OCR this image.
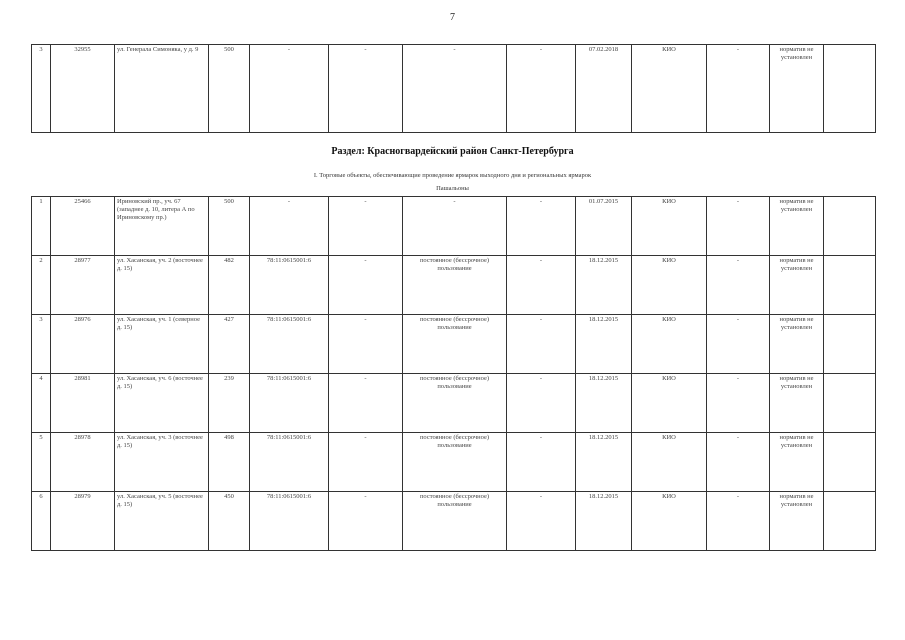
7
3	32955	ул. Генерала Симоняка, у д. 9	500	-	-	-	-	07.02.2018	КИО	-	норматив не установлен	
Раздел: Красногвардейский район Санкт-Петербурга
I. Торговые объекты, обеспечивающие проведение ярмарок выходного дня и региональных ярмарок
Пашальоны
1	25466	Ириновский пр., уч. 67 (западнее д. 10, литера А по Ириновскому пр.)	500	-	-	-	-	01.07.2015	КИО	-	норматив не установлен	
2	28977	ул. Хасанская, уч. 2 (восточнее д. 15)	482	78:11:0615001:6	-	постоянное (бессрочное) пользование	-	18.12.2015	КИО	-	норматив не установлен	
3	28976	ул. Хасанская, уч. 1 (северное д. 15)	427	78:11:0615001:6	-	постоянное (бессрочное) пользование	-	18.12.2015	КИО	-	норматив не установлен	
4	28981	ул. Хасанская, уч. 6 (восточнее д. 15)	239	78:11:0615001:6	-	постоянное (бессрочное) пользование	-	18.12.2015	КИО	-	норматив не установлен	
5	28978	ул. Хасанская, уч. 3 (восточнее д. 15)	498	78:11:0615001:6	-	постоянное (бессрочное) пользование	-	18.12.2015	КИО	-	норматив не установлен	
6	28979	ул. Хасанская, уч. 5 (восточнее д. 15)	450	78:11:0615001:6	-	постоянное (бессрочное) пользование	-	18.12.2015	КИО	-	норматив не установлен	
